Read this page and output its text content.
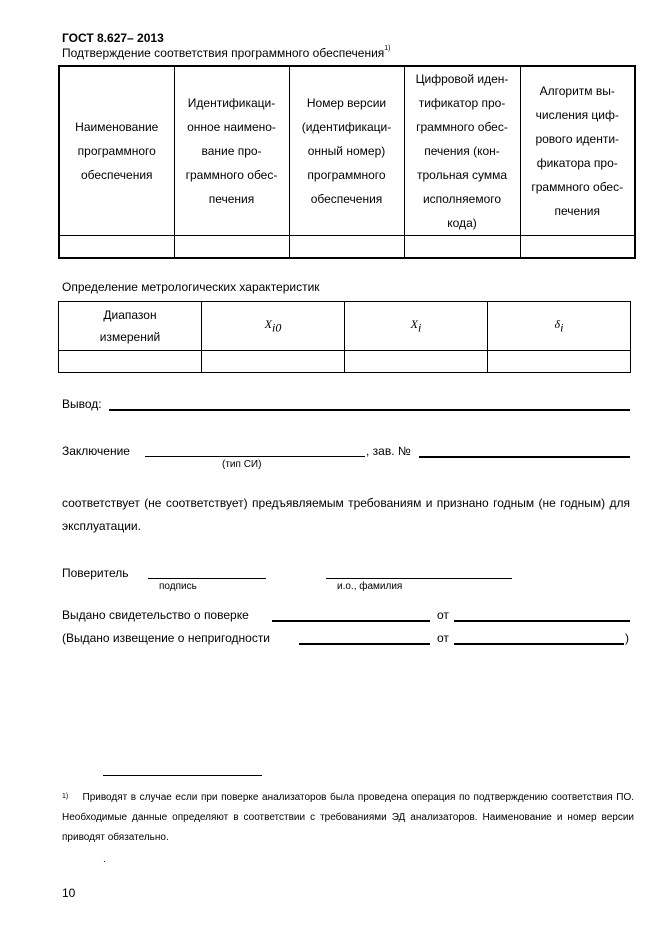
ГОСТ 8.627– 2013
Подтверждение соответствия программного обеспечения$^{1)}$
Наименование программного обеспечения	Идентификаци-онное наимено-вание про-граммного обес-печения	Номер версии (идентификаци-онный номер) программного обеспечения	Цифровой иден-тификатор про-граммного обес-печения (кон-трольная сумма исполняемого кода)	Алгоритм вы-числения циф-рового иденти-фикатора про-граммного обес-печения

Определение метрологических характеристик
Диапазон измерений	$X_{i0}$	$X_i$	$\delta_i$

Вывод:
Заключение	, зав. №
(тип СИ)
соответствует (не соответствует) предъявляемым требованиям и признано годным (не годным) для эксплуатации.
Поверитель
подпись	и.о., фамилия
Выдано свидетельство о поверке	от
(Выдано извещение о непригодности	от	)
$^{1)}$ Приводят в случае если при поверке анализаторов была проведена операция по подтверждению соответствия ПО. Необходимые данные определяют в соответствии с требованиями ЭД анализаторов. Наименование и номер версии приводят обязательно.
.
10
